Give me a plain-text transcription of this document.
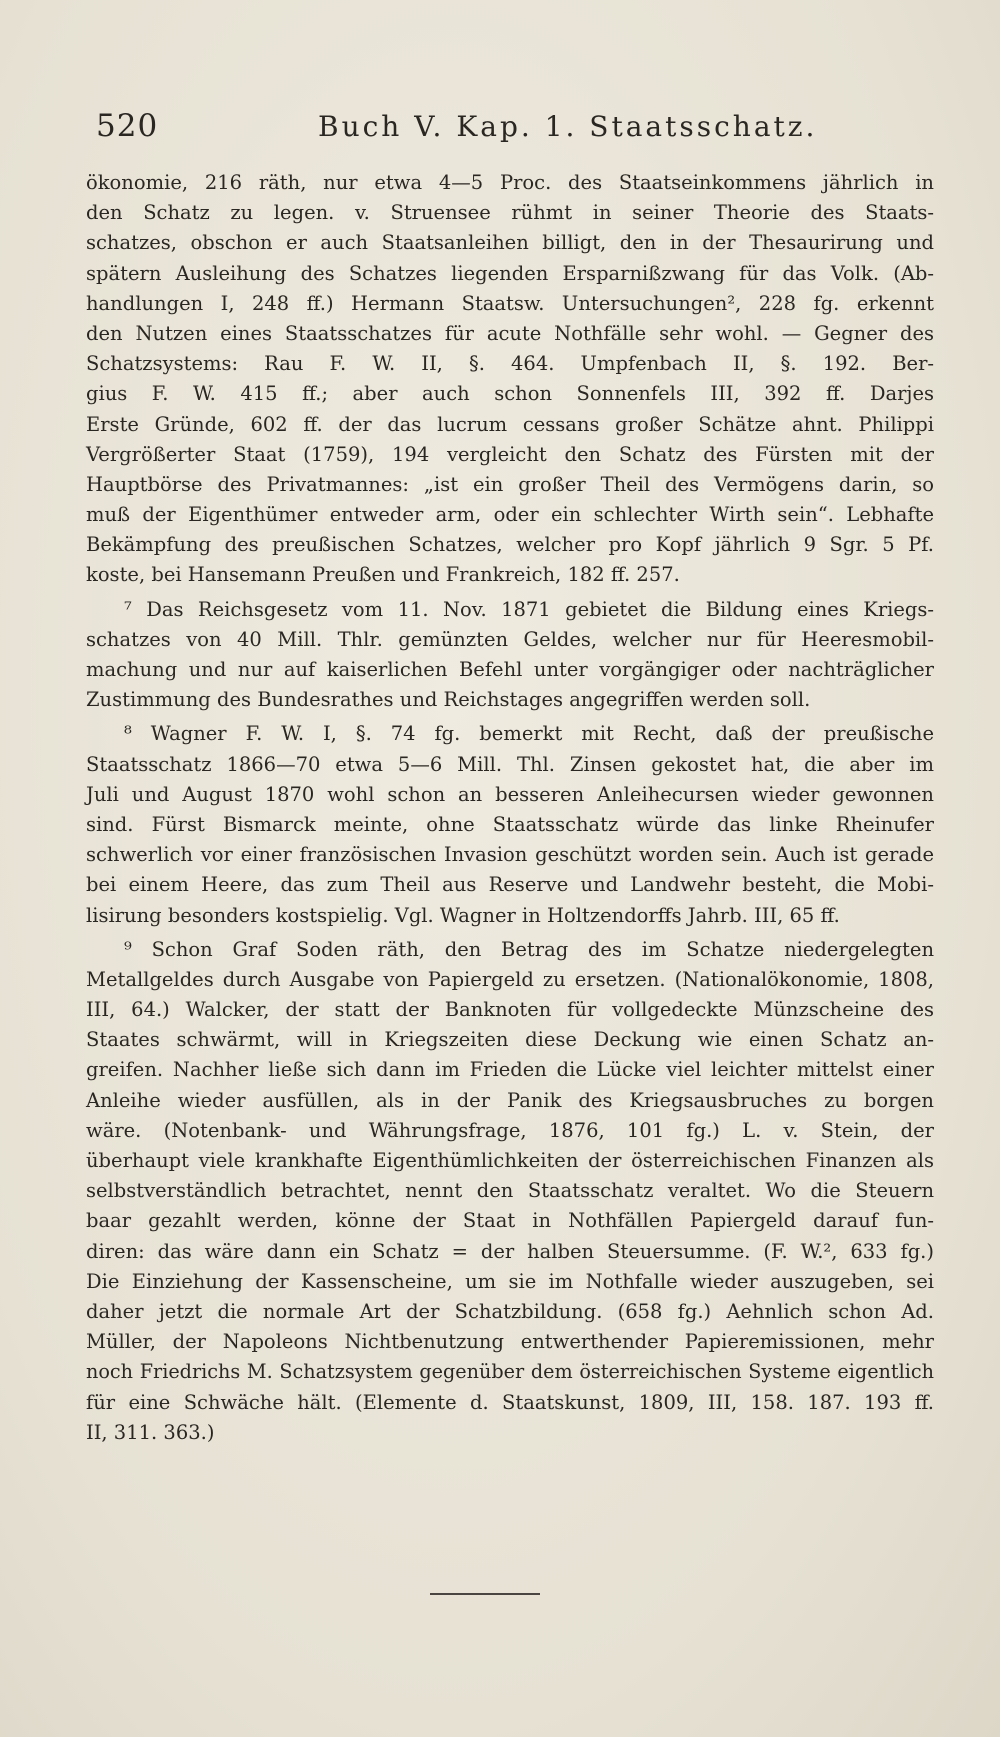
520	Buch V. Kap. 1. Staatsschatz.
ökonomie, 216 räth, nur etwa 4—5 Proc. des Staatseinkommens jährlich in
den Schatz zu legen. v. Struensee rühmt in seiner Theorie des Staats-
schatzes, obschon er auch Staatsanleihen billigt, den in der Thesaurirung und
spätern Ausleihung des Schatzes liegenden Ersparnißzwang für das Volk. (Ab-
handlungen I, 248 ff.) Hermann Staatsw. Untersuchungen², 228 fg. erkennt
den Nutzen eines Staatsschatzes für acute Nothfälle sehr wohl. — Gegner des
Schatzsystems: Rau F. W. II, §. 464. Umpfenbach II, §. 192. Ber-
gius F. W. 415 ff.; aber auch schon Sonnenfels III, 392 ff. Darjes
Erste Gründe, 602 ff. der das lucrum cessans großer Schätze ahnt. Philippi
Vergrößerter Staat (1759), 194 vergleicht den Schatz des Fürsten mit der
Hauptbörse des Privatmannes: „ist ein großer Theil des Vermögens darin, so
muß der Eigenthümer entweder arm, oder ein schlechter Wirth sein“. Lebhafte
Bekämpfung des preußischen Schatzes, welcher pro Kopf jährlich 9 Sgr. 5 Pf.
koste, bei Hansemann Preußen und Frankreich, 182 ff. 257.
⁷ Das Reichsgesetz vom 11. Nov. 1871 gebietet die Bildung eines Kriegs-
schatzes von 40 Mill. Thlr. gemünzten Geldes, welcher nur für Heeresmobil-
machung und nur auf kaiserlichen Befehl unter vorgängiger oder nachträglicher
Zustimmung des Bundesrathes und Reichstages angegriffen werden soll.
⁸ Wagner F. W. I, §. 74 fg. bemerkt mit Recht, daß der preußische
Staatsschatz 1866—70 etwa 5—6 Mill. Thl. Zinsen gekostet hat, die aber im
Juli und August 1870 wohl schon an besseren Anleihecursen wieder gewonnen
sind. Fürst Bismarck meinte, ohne Staatsschatz würde das linke Rheinufer
schwerlich vor einer französischen Invasion geschützt worden sein. Auch ist gerade
bei einem Heere, das zum Theil aus Reserve und Landwehr besteht, die Mobi-
lisirung besonders kostspielig. Vgl. Wagner in Holtzendorffs Jahrb. III, 65 ff.
⁹ Schon Graf Soden räth, den Betrag des im Schatze niedergelegten
Metallgeldes durch Ausgabe von Papiergeld zu ersetzen. (Nationalökonomie, 1808,
III, 64.) Walcker, der statt der Banknoten für vollgedeckte Münzscheine des
Staates schwärmt, will in Kriegszeiten diese Deckung wie einen Schatz an-
greifen. Nachher ließe sich dann im Frieden die Lücke viel leichter mittelst einer
Anleihe wieder ausfüllen, als in der Panik des Kriegsausbruches zu borgen
wäre. (Notenbank- und Währungsfrage, 1876, 101 fg.) L. v. Stein, der
überhaupt viele krankhafte Eigenthümlichkeiten der österreichischen Finanzen als
selbstverständlich betrachtet, nennt den Staatsschatz veraltet. Wo die Steuern
baar gezahlt werden, könne der Staat in Nothfällen Papiergeld darauf fun-
diren: das wäre dann ein Schatz = der halben Steuersumme. (F. W.², 633 fg.)
Die Einziehung der Kassenscheine, um sie im Nothfalle wieder auszugeben, sei
daher jetzt die normale Art der Schatzbildung. (658 fg.) Aehnlich schon Ad.
Müller, der Napoleons Nichtbenutzung entwerthender Papieremissionen, mehr
noch Friedrichs M. Schatzsystem gegenüber dem österreichischen Systeme eigentlich
für eine Schwäche hält. (Elemente d. Staatskunst, 1809, III, 158. 187. 193 ff.
II, 311. 363.)
